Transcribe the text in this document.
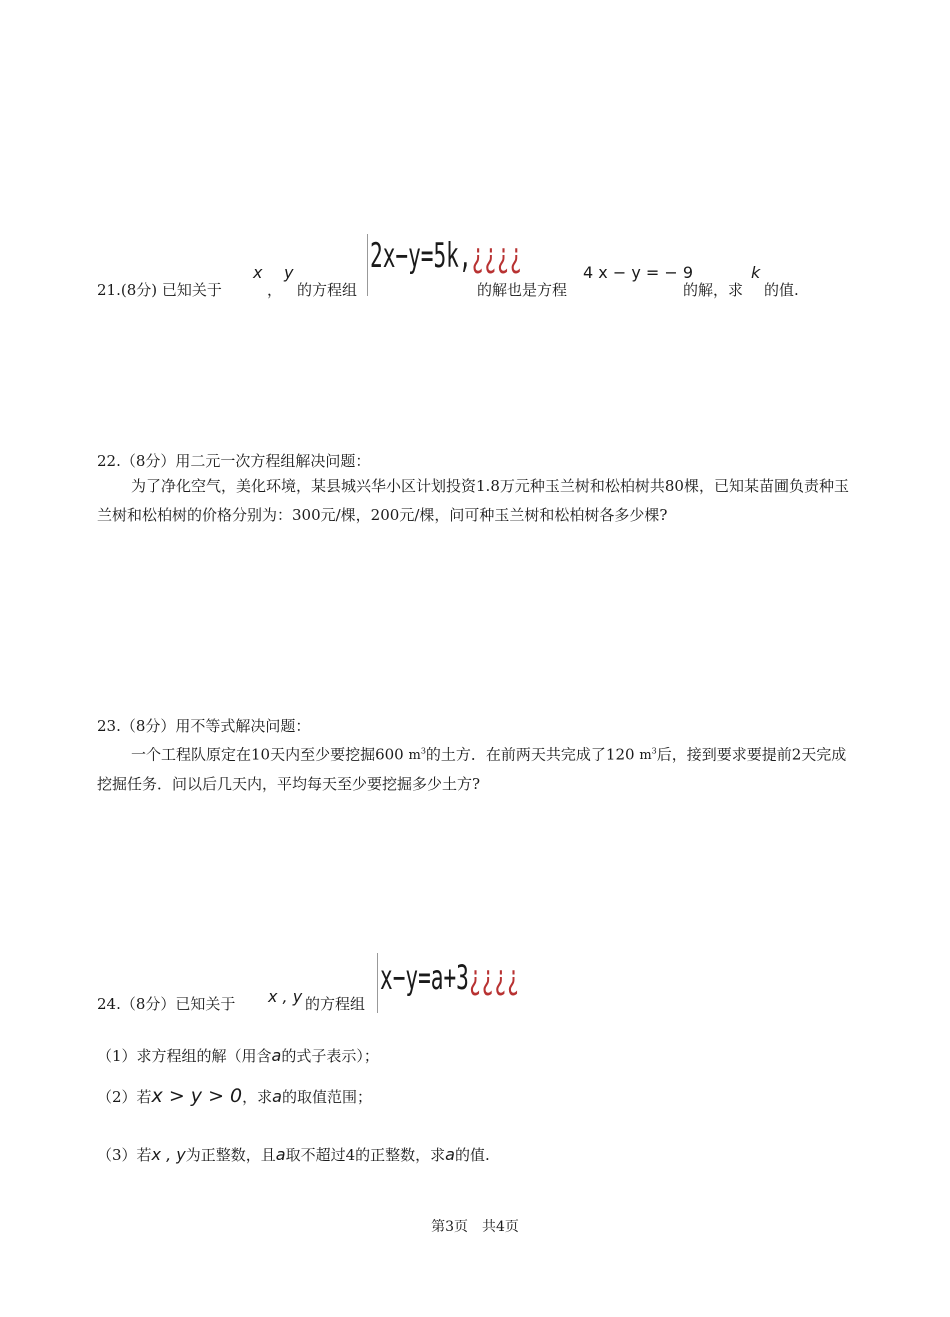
21.(8分) 已知关于
x
，
y
的方程组
2x−y=5k,¿¿¿¿
的解也是方程
4 x − y = − 9
的解，求
k
的值.
22.（8分）用二元一次方程组解决问题：
为了净化空气，美化环境，某县城兴华小区计划投资1.8万元种玉兰树和松柏树共80棵，已知某苗圃负责种玉兰树和松柏树的价格分别为：300元/棵，200元/棵，问可种玉兰树和松柏树各多少棵?
23.（8分）用不等式解决问题：
一个工程队原定在10天内至少要挖掘600 $m^3$的土方．在前两天共完成了120 $m^3$后，接到要求要提前2天完成挖掘任务．问以后几天内，平均每天至少要挖掘多少土方?
24.（8分）已知关于 x , y 的方程组
x−y=a+3¿¿¿¿
（1）求方程组的解（用含a的式子表示）；
（2）若x > y > 0，求a的取值范围；
（3）若x , y为正整数，且a取不超过4的正整数，求a的值.
第3页　共4页
